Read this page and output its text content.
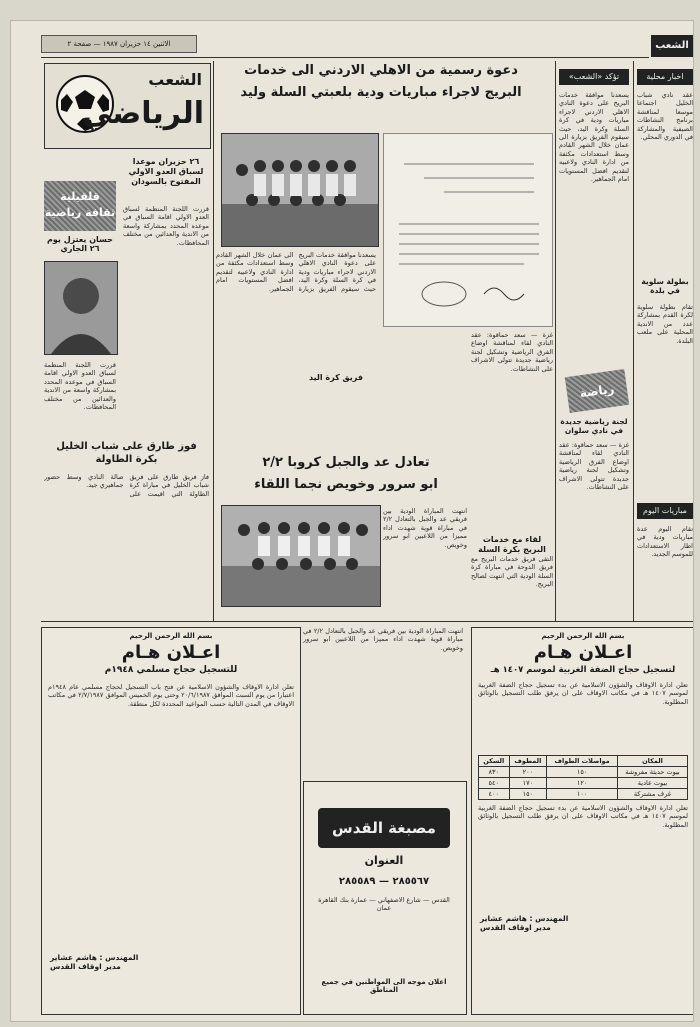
الاثنين ١٤ حزيران ١٩٨٧ — صفحة ٢	الشعب
الشعب
الرياضي
قلقيلية ثقافة رياضية
٢٦ حزيران موعدا لسباق العدو الاولي المفتوح بالسودان
قررت اللجنة المنظمة لسباق العدو الاولي اقامة السباق في موعده المحدد بمشاركة واسعة من الاندية والعدائين من مختلف المحافظات.
حسان يعتزل يوم ٢٦ الجاري
قررت اللجنة المنظمة لسباق العدو الاولي اقامة السباق في موعده المحدد بمشاركة واسعة من الاندية والعدائين من مختلف المحافظات.
فوز طارق على شباب الخليل بكرة الطاولة
فاز فريق طارق على فريق شباب الخليل في مباراة كرة الطاولة التي اقيمت على صالة النادي وسط حضور جماهيري جيد.
دعوة رسمية من الاهلي الاردني الى خدمات
البريج لاجراء مباريات ودية بلعبتي السلة وليد
يسعدنا موافقة خدمات البريج على دعوة النادي الاهلي الاردني لاجراء مباريات ودية في كرة السلة وكرة اليد، حيث سيقوم الفريق بزيارة الى عمان خلال الشهر القادم وسط استعدادات مكثفة من ادارة النادي ولاعبيه لتقديم افضل المستويات امام الجماهير.
فريق كرة اليد
تؤكد «الشعب»
يسعدنا موافقة خدمات البريج على دعوة النادي الاهلي الاردني لاجراء مباريات ودية في كرة السلة وكرة اليد، حيث سيقوم الفريق بزيارة الى عمان خلال الشهر القادم وسط استعدادات مكثفة من ادارة النادي ولاعبيه لتقديم افضل المستويات امام الجماهير.
رياضة
لجنة رياضية جديدة في نادي سلوان
غزة — سعد حماقوة: عقد النادي لقاء لمناقشة اوضاع الفرق الرياضية وتشكيل لجنة رياضية جديدة تتولى الاشراف على النشاطات.
غزة — سعد حماقوة: عقد النادي لقاء لمناقشة اوضاع الفرق الرياضية وتشكيل لجنة رياضية جديدة تتولى الاشراف على النشاطات.
اخبار محلية
عقد نادي شباب الخليل اجتماعا موسعا لمناقشة برنامج النشاطات الصيفية والمشاركة في الدوري المحلي.
بطولة سلوية في بلدة
تقام بطولة سلوية لكرة القدم بمشاركة عدد من الاندية المحلية على ملعب البلدة.
مباريات اليوم
تقام اليوم عدة مباريات ودية في اطار الاستعدادات للموسم الجديد.
تعادل عد والجبل كروبا ٢/٢
ابو سرور وخويص نجما اللقاء
انتهت المباراة الودية بين فريقي عد والجبل بالتعادل ٢/٢ في مباراة قوية شهدت اداء مميزا من اللاعبين ابو سرور وخويص.
لقاء مع خدمات البريج بكرة السلة
التقى فريق خدمات البريج مع فريق الدوحة في مباراة كرة السلة الودية التي انتهت لصالح البريج.
بسم الله الرحمن الرحيم
اعـلان هـام
للتسجيل حجاج مسلمي ١٩٤٨م
تعلن ادارة الاوقاف والشؤون الاسلامية عن فتح باب التسجيل لحجاج مسلمي عام ١٩٤٨م اعتبارا من يوم السبت الموافق ٢٠/٦/١٩٨٧ وحتى يوم الخميس الموافق ٢/٧/١٩٨٧ في مكاتب الاوقاف في المدن التالية حسب المواعيد المحددة لكل منطقة.
المهندس : هاشم عشاير
مدير اوقاف القدس
انتهت المباراة الودية بين فريقي عد والجبل بالتعادل ٢/٢ في مباراة قوية شهدت اداء مميزا من اللاعبين ابو سرور وخويص.
مصبغة القدس
العنوان
٢٨٥٥٦٧ — ٢٨٥٥٨٩
القدس — شارع الاصفهاني — عمارة بنك القاهرة عمان
اعلان موجه الى المواطنين في جميع المناطق
بسم الله الرحمن الرحيم
اعـلان هـام
لتسجيل حجاج الضفة الغربية لموسم ١٤٠٧ هـ
تعلن ادارة الاوقاف والشؤون الاسلامية عن بدء تسجيل حجاج الضفة الغربية لموسم ١٤٠٧ هـ في مكاتب الاوقاف على ان يرفق طلب التسجيل بالوثائق المطلوبة.
المكان	مواصلات الطواف	المطوف	السكن
بيوت حديثة مفروشة	١٥٠	٢٠٠	٨٣٠
بيوت عادية	١٢٠	١٧٠	٥٤٠
غرف مشتركة	١٠٠	١٥٠	٤٠٠
تعلن ادارة الاوقاف والشؤون الاسلامية عن بدء تسجيل حجاج الضفة الغربية لموسم ١٤٠٧ هـ في مكاتب الاوقاف على ان يرفق طلب التسجيل بالوثائق المطلوبة.
المهندس : هاشم عشاير
مدير اوقاف القدس
